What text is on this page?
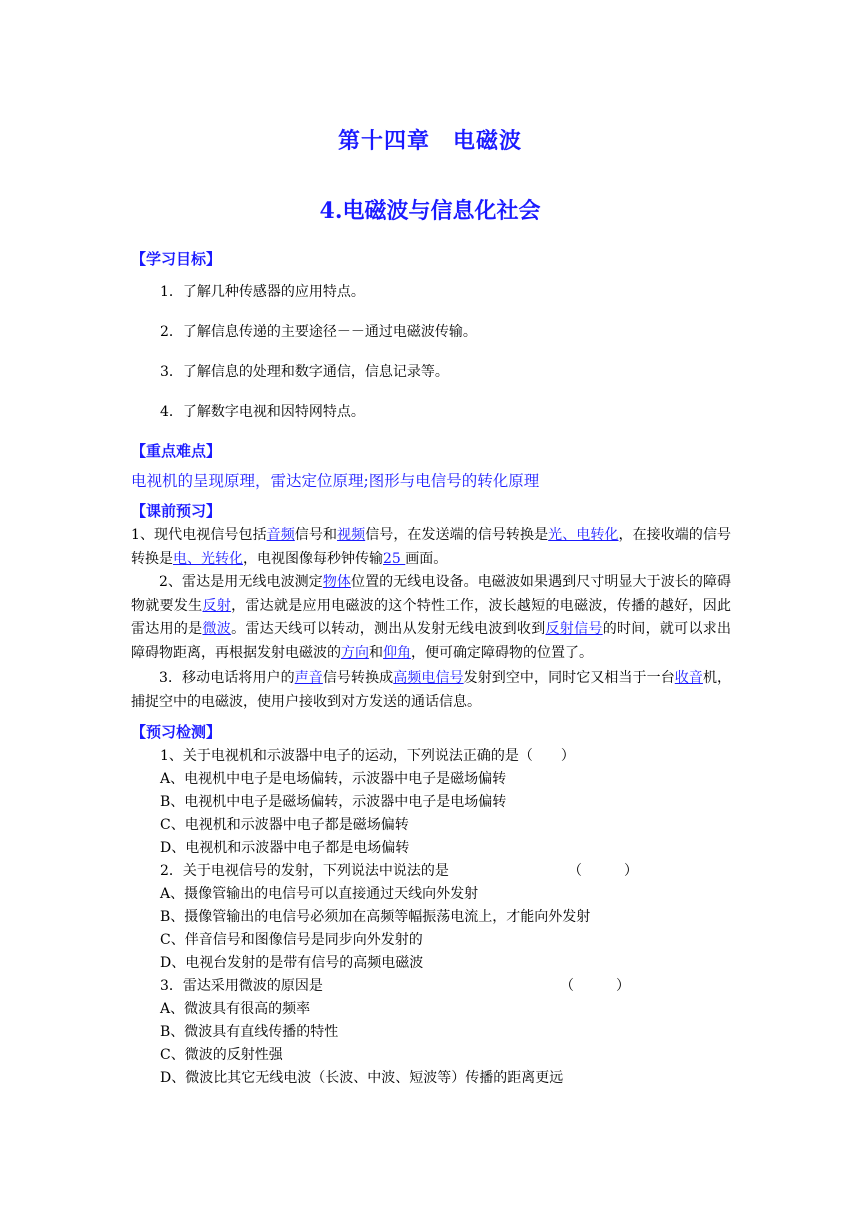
第十四章　电磁波
4.电磁波与信息化社会
【学习目标】
1．了解几种传感器的应用特点。
2．了解信息传递的主要途径－－通过电磁波传输。
3．了解信息的处理和数字通信，信息记录等。
4．了解数字电视和因特网特点。
【重点难点】
电视机的呈现原理，雷达定位原理;图形与电信号的转化原理
【课前预习】

1、现代电视信号包括音频信号和视频信号，在发送端的信号转换是光、电转化，在接收端的信号转换是电、光转化，电视图像每秒钟传输25 画面。

2、雷达是用无线电波测定物体位置的无线电设备。电磁波如果遇到尺寸明显大于波长的障碍物就要发生反射，雷达就是应用电磁波的这个特性工作，波长越短的电磁波，传播的越好，因此雷达用的是微波。雷达天线可以转动，测出从发射无线电波到收到反射信号的时间，就可以求出障碍物距离，再根据发射电磁波的方向和仰角，便可确定障碍物的位置了。

3．移动电话将用户的声音信号转换成高频电信号发射到空中，同时它又相当于一台收音机，捕捉空中的电磁波，使用户接收到对方发送的通话信息。

【预习检测】
1、关于电视机和示波器中电子的运动，下列说法正确的是（　　）
A、电视机中电子是电场偏转，示波器中电子是磁场偏转
B、电视机中电子是磁场偏转，示波器中电子是电场偏转
C、电视机和示波器中电子都是磁场偏转
D、电视机和示波器中电子都是电场偏转
2．关于电视信号的发射，下列说法中说法的是	（　　　）
A、摄像管输出的电信号可以直接通过天线向外发射
B、摄像管输出的电信号必须加在高频等幅振荡电流上，才能向外发射
C、伴音信号和图像信号是同步向外发射的
D、电视台发射的是带有信号的高频电磁波
3．雷达采用微波的原因是	（　　　）
A、微波具有很高的频率
B、微波具有直线传播的特性
C、微波的反射性强
D、微波比其它无线电波（长波、中波、短波等）传播的距离更远
